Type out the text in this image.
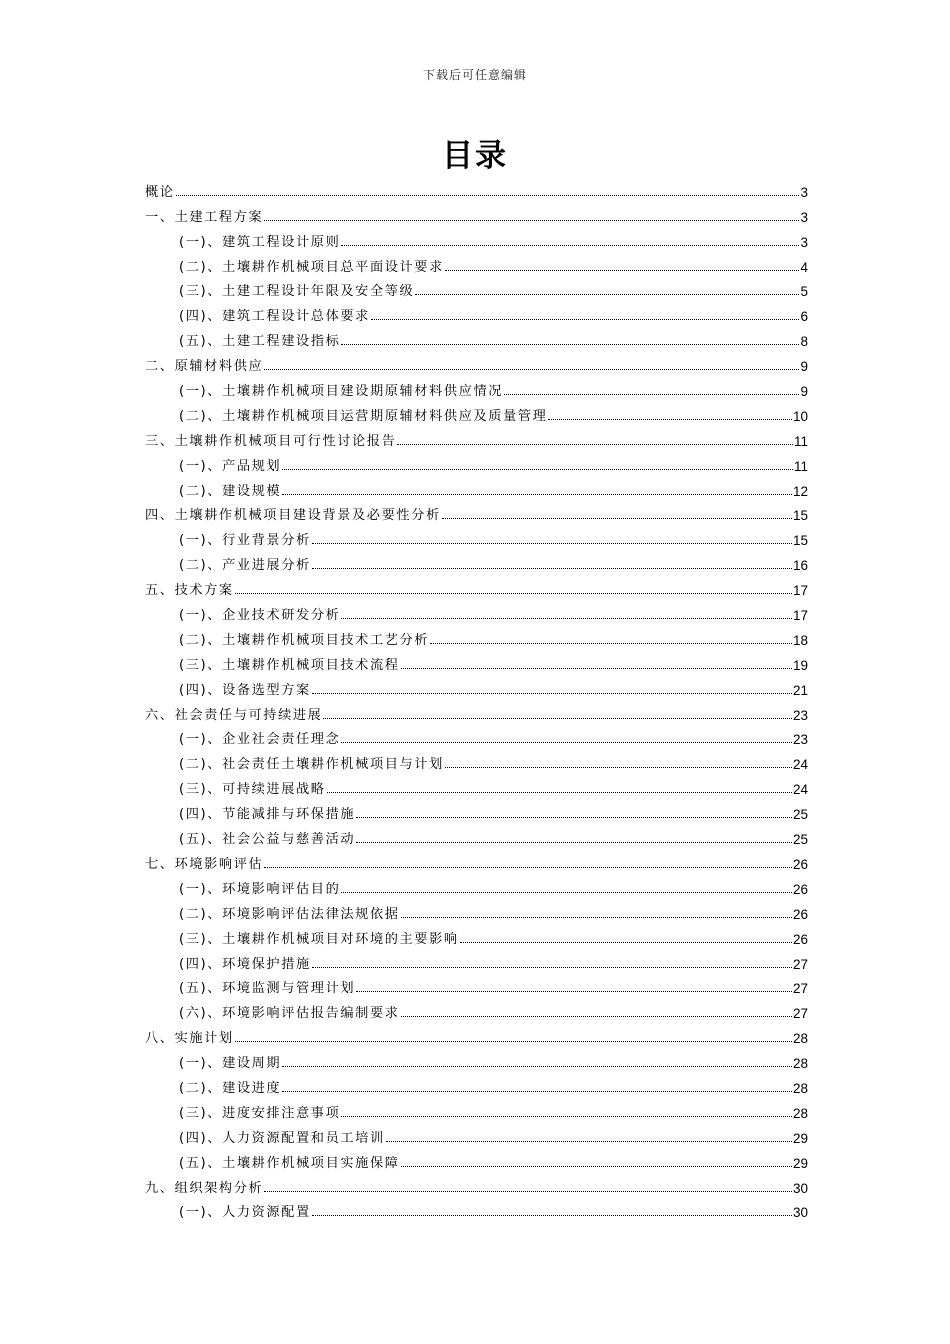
下载后可任意编辑
目录
概论	3
一、土建工程方案	3
(一)、建筑工程设计原则	3
(二)、土壤耕作机械项目总平面设计要求	4
(三)、土建工程设计年限及安全等级	5
(四)、建筑工程设计总体要求	6
(五)、土建工程建设指标	8
二、原辅材料供应	9
(一)、土壤耕作机械项目建设期原辅材料供应情况	9
(二)、土壤耕作机械项目运营期原辅材料供应及质量管理	10
三、土壤耕作机械项目可行性讨论报告	11
(一)、产品规划	11
(二)、建设规模	12
四、土壤耕作机械项目建设背景及必要性分析	15
(一)、行业背景分析	15
(二)、产业进展分析	16
五、技术方案	17
(一)、企业技术研发分析	17
(二)、土壤耕作机械项目技术工艺分析	18
(三)、土壤耕作机械项目技术流程	19
(四)、设备选型方案	21
六、社会责任与可持续进展	23
(一)、企业社会责任理念	23
(二)、社会责任土壤耕作机械项目与计划	24
(三)、可持续进展战略	24
(四)、节能减排与环保措施	25
(五)、社会公益与慈善活动	25
七、环境影响评估	26
(一)、环境影响评估目的	26
(二)、环境影响评估法律法规依据	26
(三)、土壤耕作机械项目对环境的主要影响	26
(四)、环境保护措施	27
(五)、环境监测与管理计划	27
(六)、环境影响评估报告编制要求	27
八、实施计划	28
(一)、建设周期	28
(二)、建设进度	28
(三)、进度安排注意事项	28
(四)、人力资源配置和员工培训	29
(五)、土壤耕作机械项目实施保障	29
九、组织架构分析	30
(一)、人力资源配置	30
